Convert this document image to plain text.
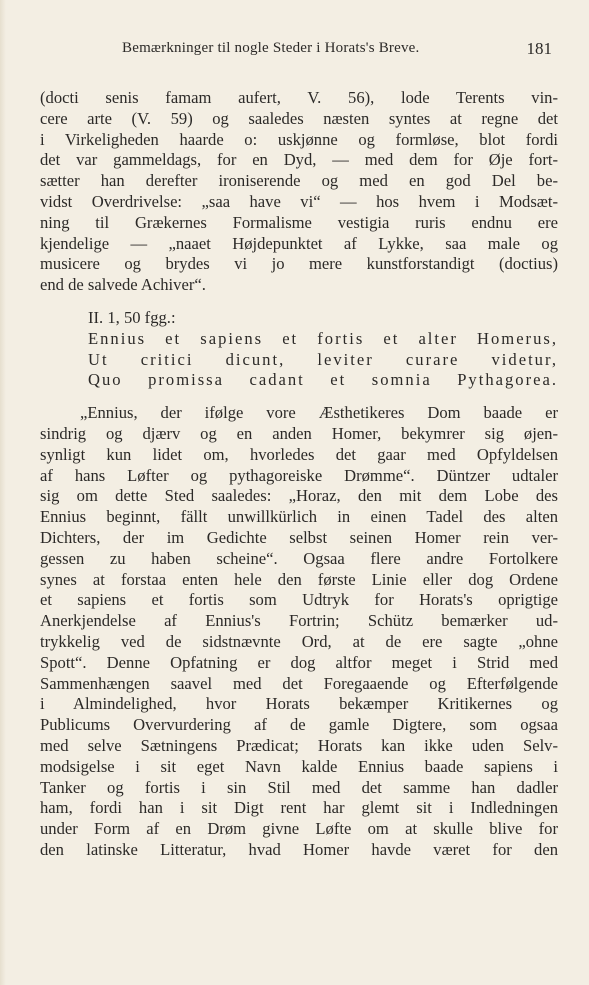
Bemærkninger til nogle Steder i Horats's Breve.	181
(docti senis famam aufert, V. 56), lode Terents vin-
cere arte (V. 59) og saaledes næsten syntes at regne det
i Virkeligheden haarde o: uskjønne og formløse, blot fordi
det var gammeldags, for en Dyd, — med dem for Øje fort-
sætter han derefter ironiserende og med en god Del be-
vidst Overdrivelse: „saa have vi“ — hos hvem i Modsæt-
ning til Grækernes Formalisme vestigia ruris endnu ere
kjendelige — „naaet Højdepunktet af Lykke, saa male og
musicere og brydes vi jo mere kunstforstandigt (doctius)
end de salvede Achiver“.
II. 1, 50 fgg.:
Ennius et sapiens et fortis et alter Homerus,
Ut critici dicunt, leviter curare videtur,
Quo promissa cadant et somnia Pythagorea.
„Ennius, der ifølge vore Æsthetikeres Dom baade er
sindrig og djærv og en anden Homer, bekymrer sig øjen-
synligt kun lidet om, hvorledes det gaar med Opfyldelsen
af hans Løfter og pythagoreiske Drømme“. Düntzer udtaler
sig om dette Sted saaledes: „Horaz, den mit dem Lobe des
Ennius beginnt, fällt unwillkürlich in einen Tadel des alten
Dichters, der im Gedichte selbst seinen Homer rein ver-
gessen zu haben scheine“. Ogsaa flere andre Fortolkere
synes at forstaa enten hele den første Linie eller dog Ordene
et sapiens et fortis som Udtryk for Horats's oprigtige
Anerkjendelse af Ennius's Fortrin; Schütz bemærker ud-
trykkelig ved de sidstnævnte Ord, at de ere sagte „ohne
Spott“. Denne Opfatning er dog altfor meget i Strid med
Sammenhængen saavel med det Foregaaende og Efterfølgende
i Almindelighed, hvor Horats bekæmper Kritikernes og
Publicums Overvurdering af de gamle Digtere, som ogsaa
med selve Sætningens Prædicat; Horats kan ikke uden Selv-
modsigelse i sit eget Navn kalde Ennius baade sapiens i
Tanker og fortis i sin Stil med det samme han dadler
ham, fordi han i sit Digt rent har glemt sit i Indledningen
under Form af en Drøm givne Løfte om at skulle blive for
den latinske Litteratur, hvad Homer havde været for den
